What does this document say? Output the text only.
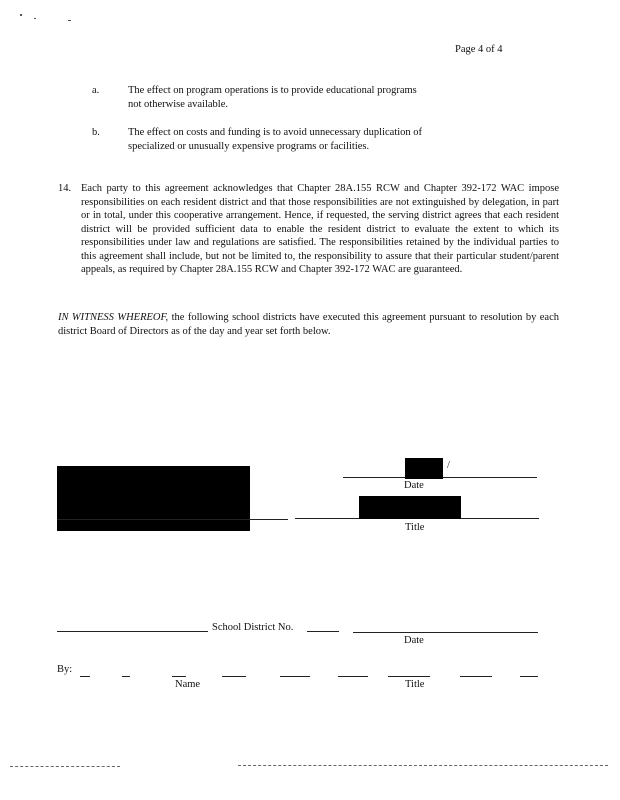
Page 4 of 4
a.	The effect on program operations is to provide educational programs not otherwise available.
b.	The effect on costs and funding is to avoid unnecessary duplication of specialized or unusually expensive programs or facilities.
14. Each party to this agreement acknowledges that Chapter 28A.155 RCW and Chapter 392-172 WAC impose responsibilities on each resident district and that those responsibilities are not extinguished by delegation, in part or in total, under this cooperative arrangement. Hence, if requested, the serving district agrees that each resident district will be provided sufficient data to enable the resident district to evaluate the extent to which its responsibilities under law and regulations are satisfied. The responsibilities retained by the individual parties to this agreement shall include, but not be limited to, the responsibility to assure that their particular student/parent appeals, as required by Chapter 28A.155 RCW and Chapter 392-172 WAC are guaranteed.
IN WITNESS WHEREOF, the following school districts have executed this agreement pursuant to resolution by each district Board of Directors as of the day and year set forth below.
/
Date
Title
School District No.
Date
By:
Name	Title
